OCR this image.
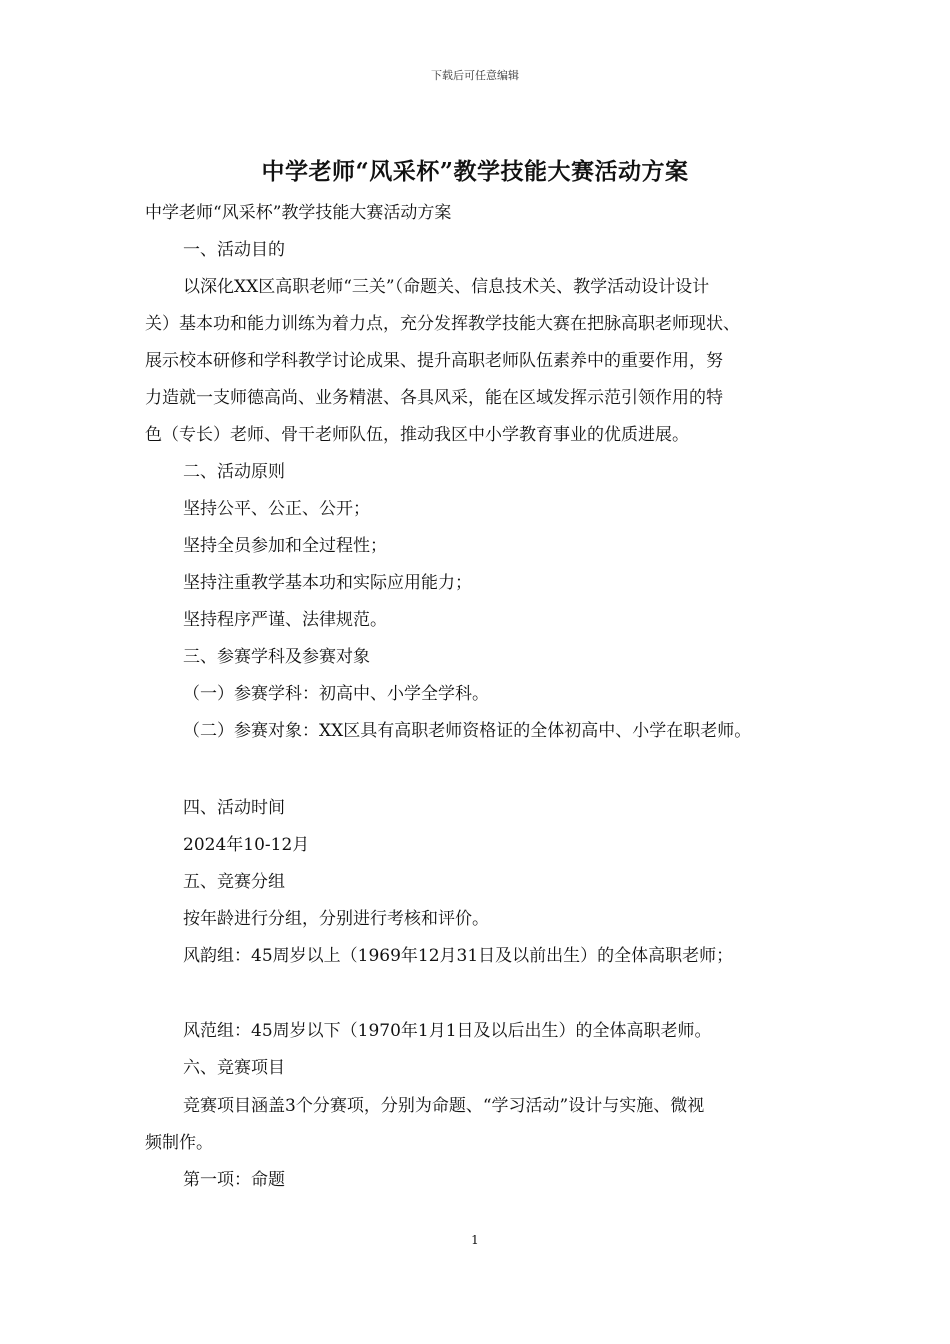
下载后可任意编辑
中学老师“风采杯”教学技能大赛活动方案
中学老师“风采杯”教学技能大赛活动方案
一、活动目的
以深化XX区高职老师“三关”（命题关、信息技术关、教学活动设计设计
关）基本功和能力训练为着力点，充分发挥教学技能大赛在把脉高职老师现状、
展示校本研修和学科教学讨论成果、提升高职老师队伍素养中的重要作用，努
力造就一支师德高尚、业务精湛、各具风采，能在区域发挥示范引领作用的特
色（专长）老师、骨干老师队伍，推动我区中小学教育事业的优质进展。
二、活动原则
坚持公平、公正、公开；
坚持全员参加和全过程性；
坚持注重教学基本功和实际应用能力；
坚持程序严谨、法律规范。
三、参赛学科及参赛对象
（一）参赛学科：初高中、小学全学科。
（二）参赛对象：XX区具有高职老师资格证的全体初高中、小学在职老师。
四、活动时间
2024年10-12月
五、竞赛分组
按年龄进行分组，分别进行考核和评价。
风韵组：45周岁以上（1969年12月31日及以前出生）的全体高职老师；
风范组：45周岁以下（1970年1月1日及以后出生）的全体高职老师。
六、竞赛项目
竞赛项目涵盖3个分赛项，分别为命题、“学习活动”设计与实施、微视
频制作。
第一项：命题
1
